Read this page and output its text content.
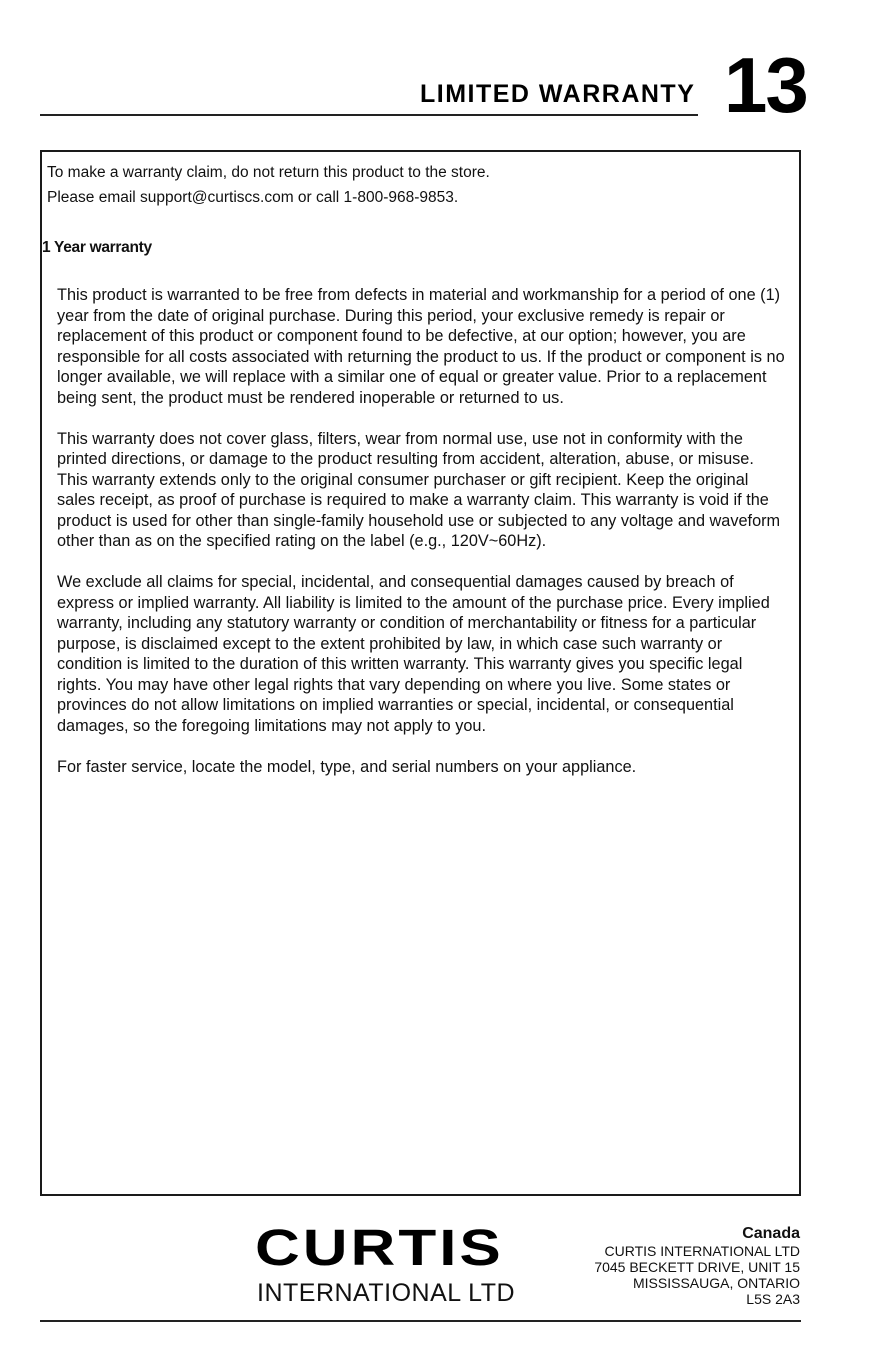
LIMITED WARRANTY 13
To make a warranty claim, do not return this product to the store.
Please email support@curtiscs.com or call 1-800-968-9853.
1 Year warranty

This product is warranted to be free from defects in material and workmanship for a period of one (1) year from the date of original purchase. During this period, your exclusive remedy is repair or replacement of this product or component found to be defective, at our option; however, you are responsible for all costs associated with returning the product to us. If the product or component is no longer available, we will replace with a similar one of equal or greater value. Prior to a replacement being sent, the product must be rendered inoperable or returned to us.

This warranty does not cover glass, filters, wear from normal use, use not in conformity with the printed directions, or damage to the product resulting from accident, alteration, abuse, or misuse. This warranty extends only to the original consumer purchaser or gift recipient. Keep the original sales receipt, as proof of purchase is required to make a warranty claim. This warranty is void if the product is used for other than single-family household use or subjected to any voltage and waveform other than as on the specified rating on the label (e.g., 120V~60Hz).

We exclude all claims for special, incidental, and consequential damages caused by breach of express or implied warranty. All liability is limited to the amount of the purchase price. Every implied warranty, including any statutory warranty or condition of merchantability or fitness for a particular purpose, is disclaimed except to the extent prohibited by law, in which case such warranty or condition is limited to the duration of this written warranty. This warranty gives you specific legal rights. You may have other legal rights that vary depending on where you live. Some states or provinces do not allow limitations on implied warranties or special, incidental, or consequential damages, so the foregoing limitations may not apply to you.

For faster service, locate the model, type, and serial numbers on your appliance.

CURTIS
INTERNATIONAL LTD
Canada
CURTIS INTERNATIONAL LTD
7045 BECKETT DRIVE, UNIT 15
MISSISSAUGA, ONTARIO
L5S 2A3
